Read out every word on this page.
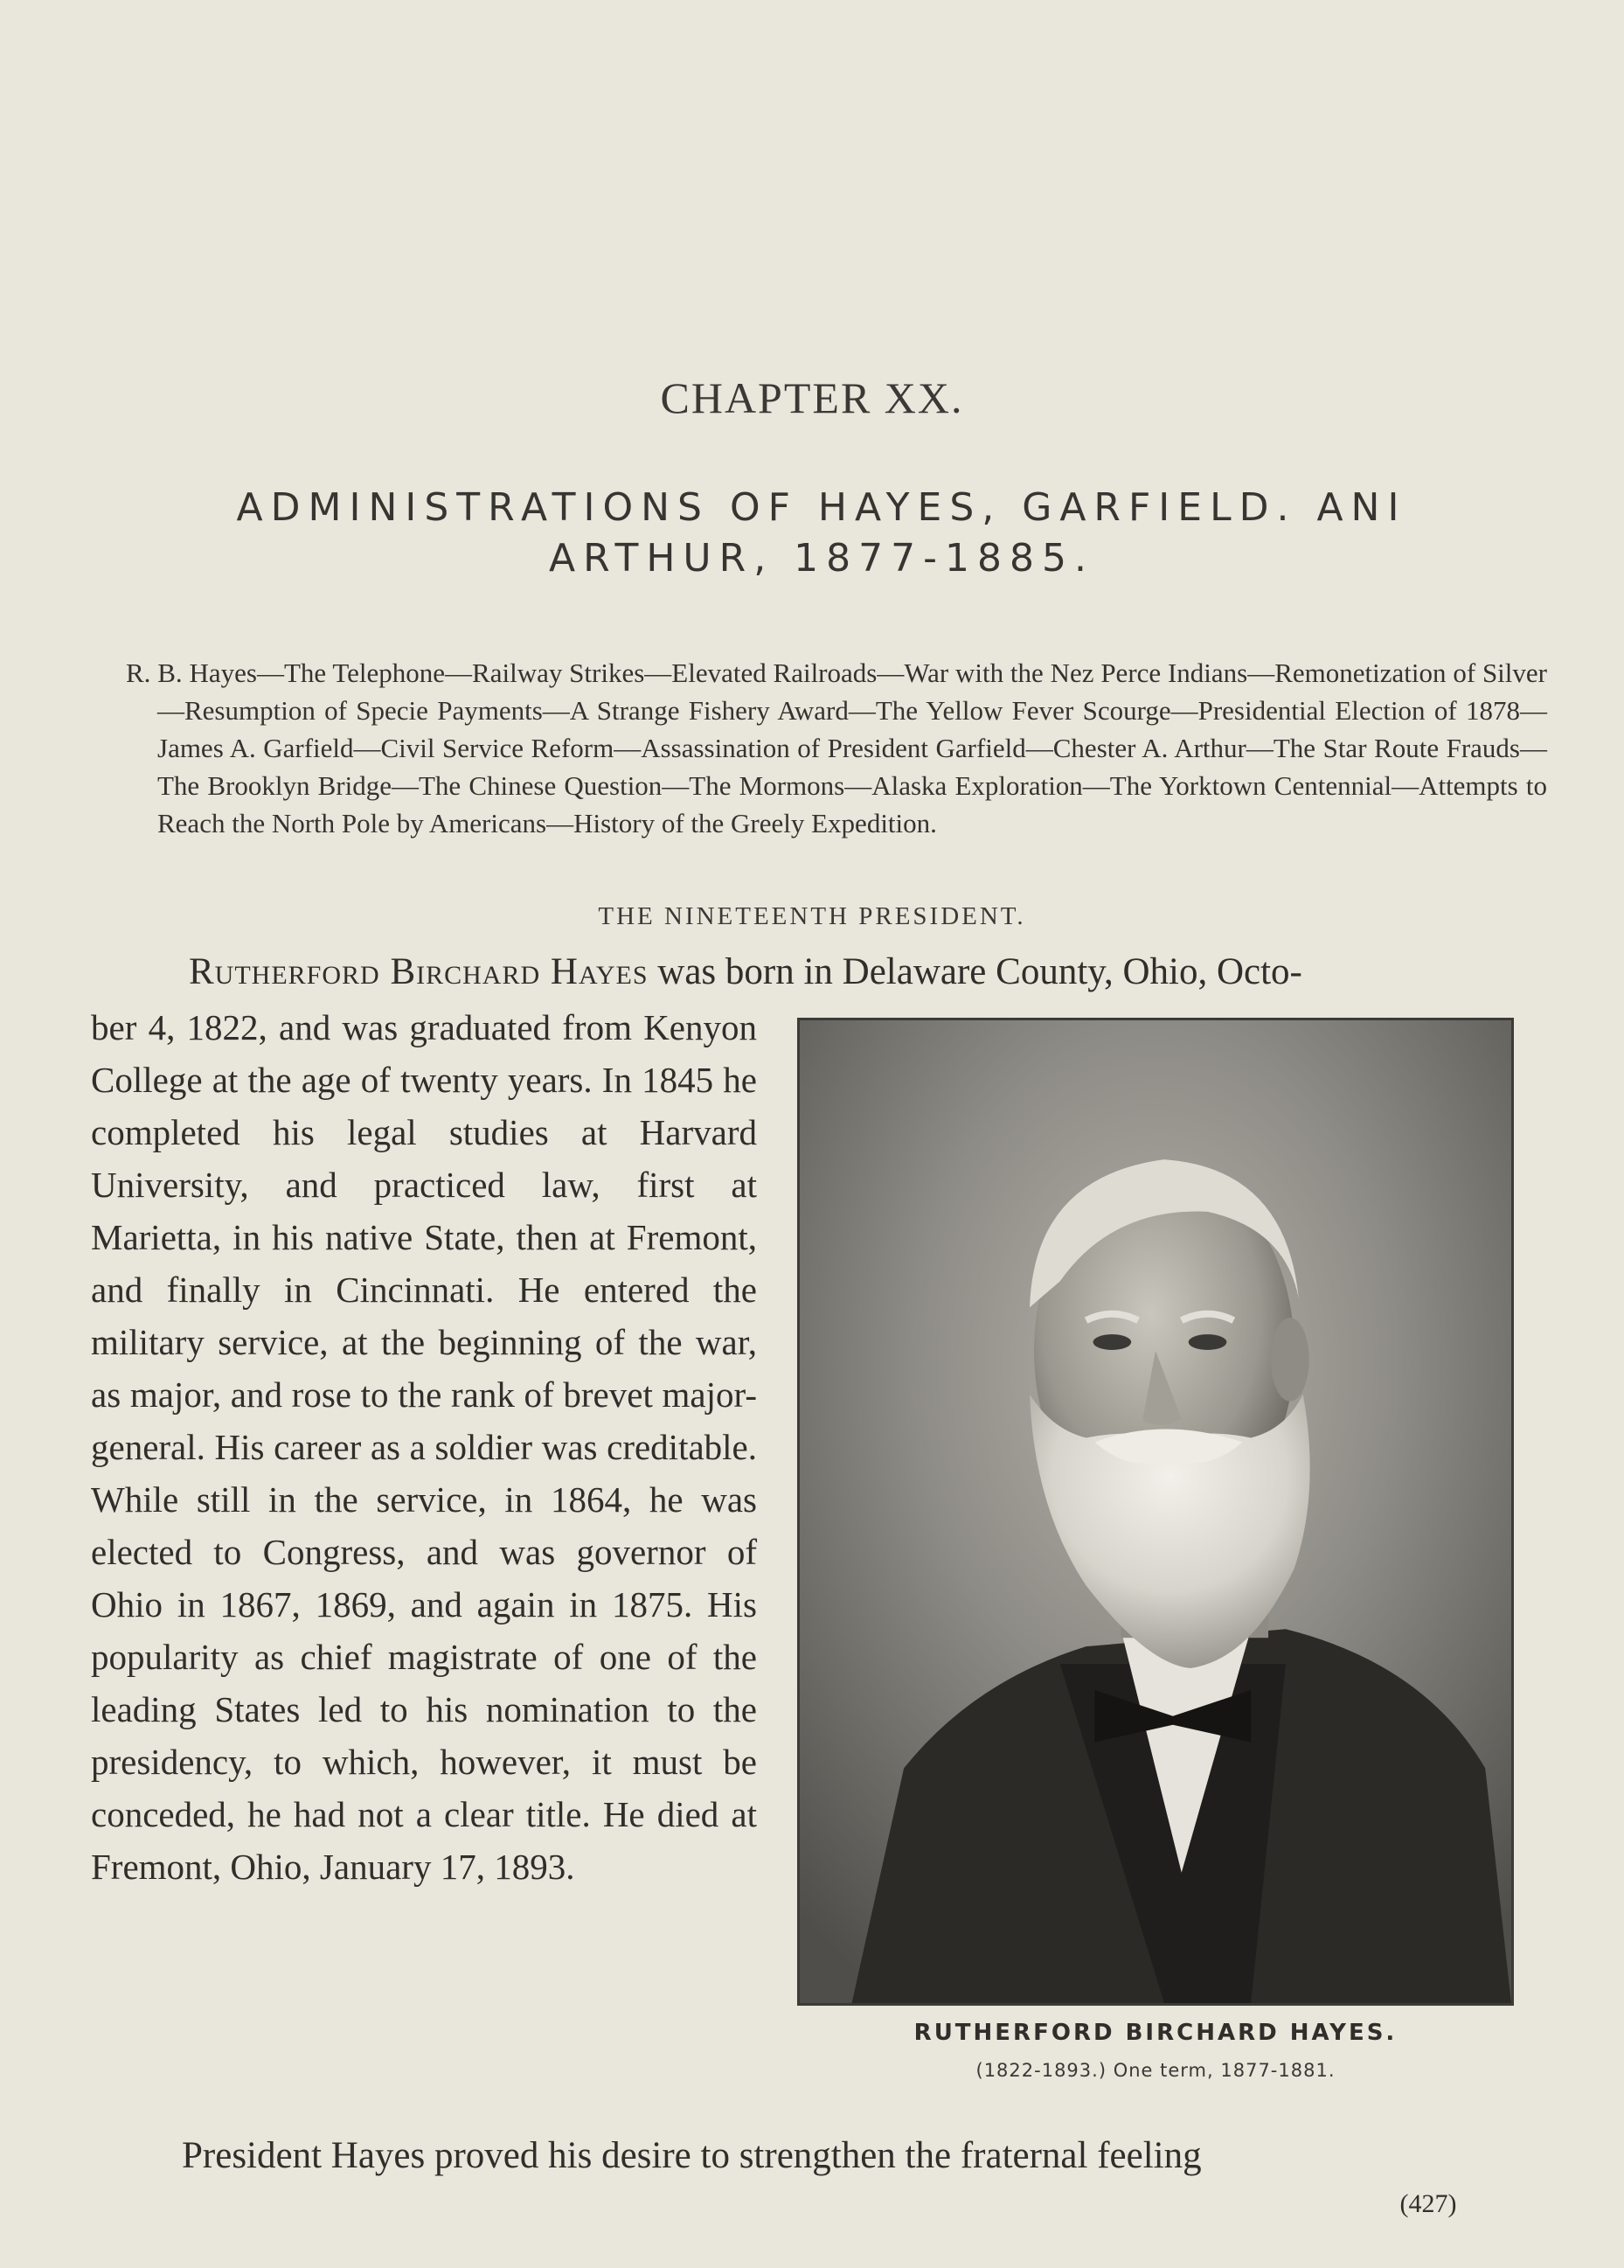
CHAPTER XX.
ADMINISTRATIONS OF HAYES, GARFIELD. ANI
ARTHUR, 1877-1885.
R. B. Hayes—The Telephone—Railway Strikes—Elevated Railroads—War with the Nez Perce Indians—Remonetization of Silver—Resumption of Specie Payments—A Strange Fishery Award—The Yellow Fever Scourge—Presidential Election of 1878—James A. Garfield—Civil Service Reform—Assassination of President Garfield—Chester A. Arthur—The Star Route Frauds—The Brooklyn Bridge—The Chinese Question—The Mormons—Alaska Exploration—The Yorktown Centennial—Attempts to Reach the North Pole by Americans—History of the Greely Expedition.
THE NINETEENTH PRESIDENT.
Rutherford Birchard Hayes was born in Delaware County, Ohio, Octo-

ber 4, 1822, and was graduated from Kenyon College at the age of twenty years. In 1845 he completed his legal studies at Harvard University, and practiced law, first at Marietta, in his native State, then at Fremont, and finally in Cincinnati. He entered the military service, at the beginning of the war, as major, and rose to the rank of brevet major-general. His career as a soldier was creditable. While still in the service, in 1864, he was elected to Congress, and was governor of Ohio in 1867, 1869, and again in 1875. His popularity as chief magistrate of one of the leading States led to his nomination to the presidency, to which, however, it must be conceded, he had not a clear title. He died at Fremont, Ohio, January 17, 1893.

RUTHERFORD BIRCHARD HAYES.
(1822-1893.) One term, 1877-1881.
President Hayes proved his desire to strengthen the fraternal feeling
(427)
